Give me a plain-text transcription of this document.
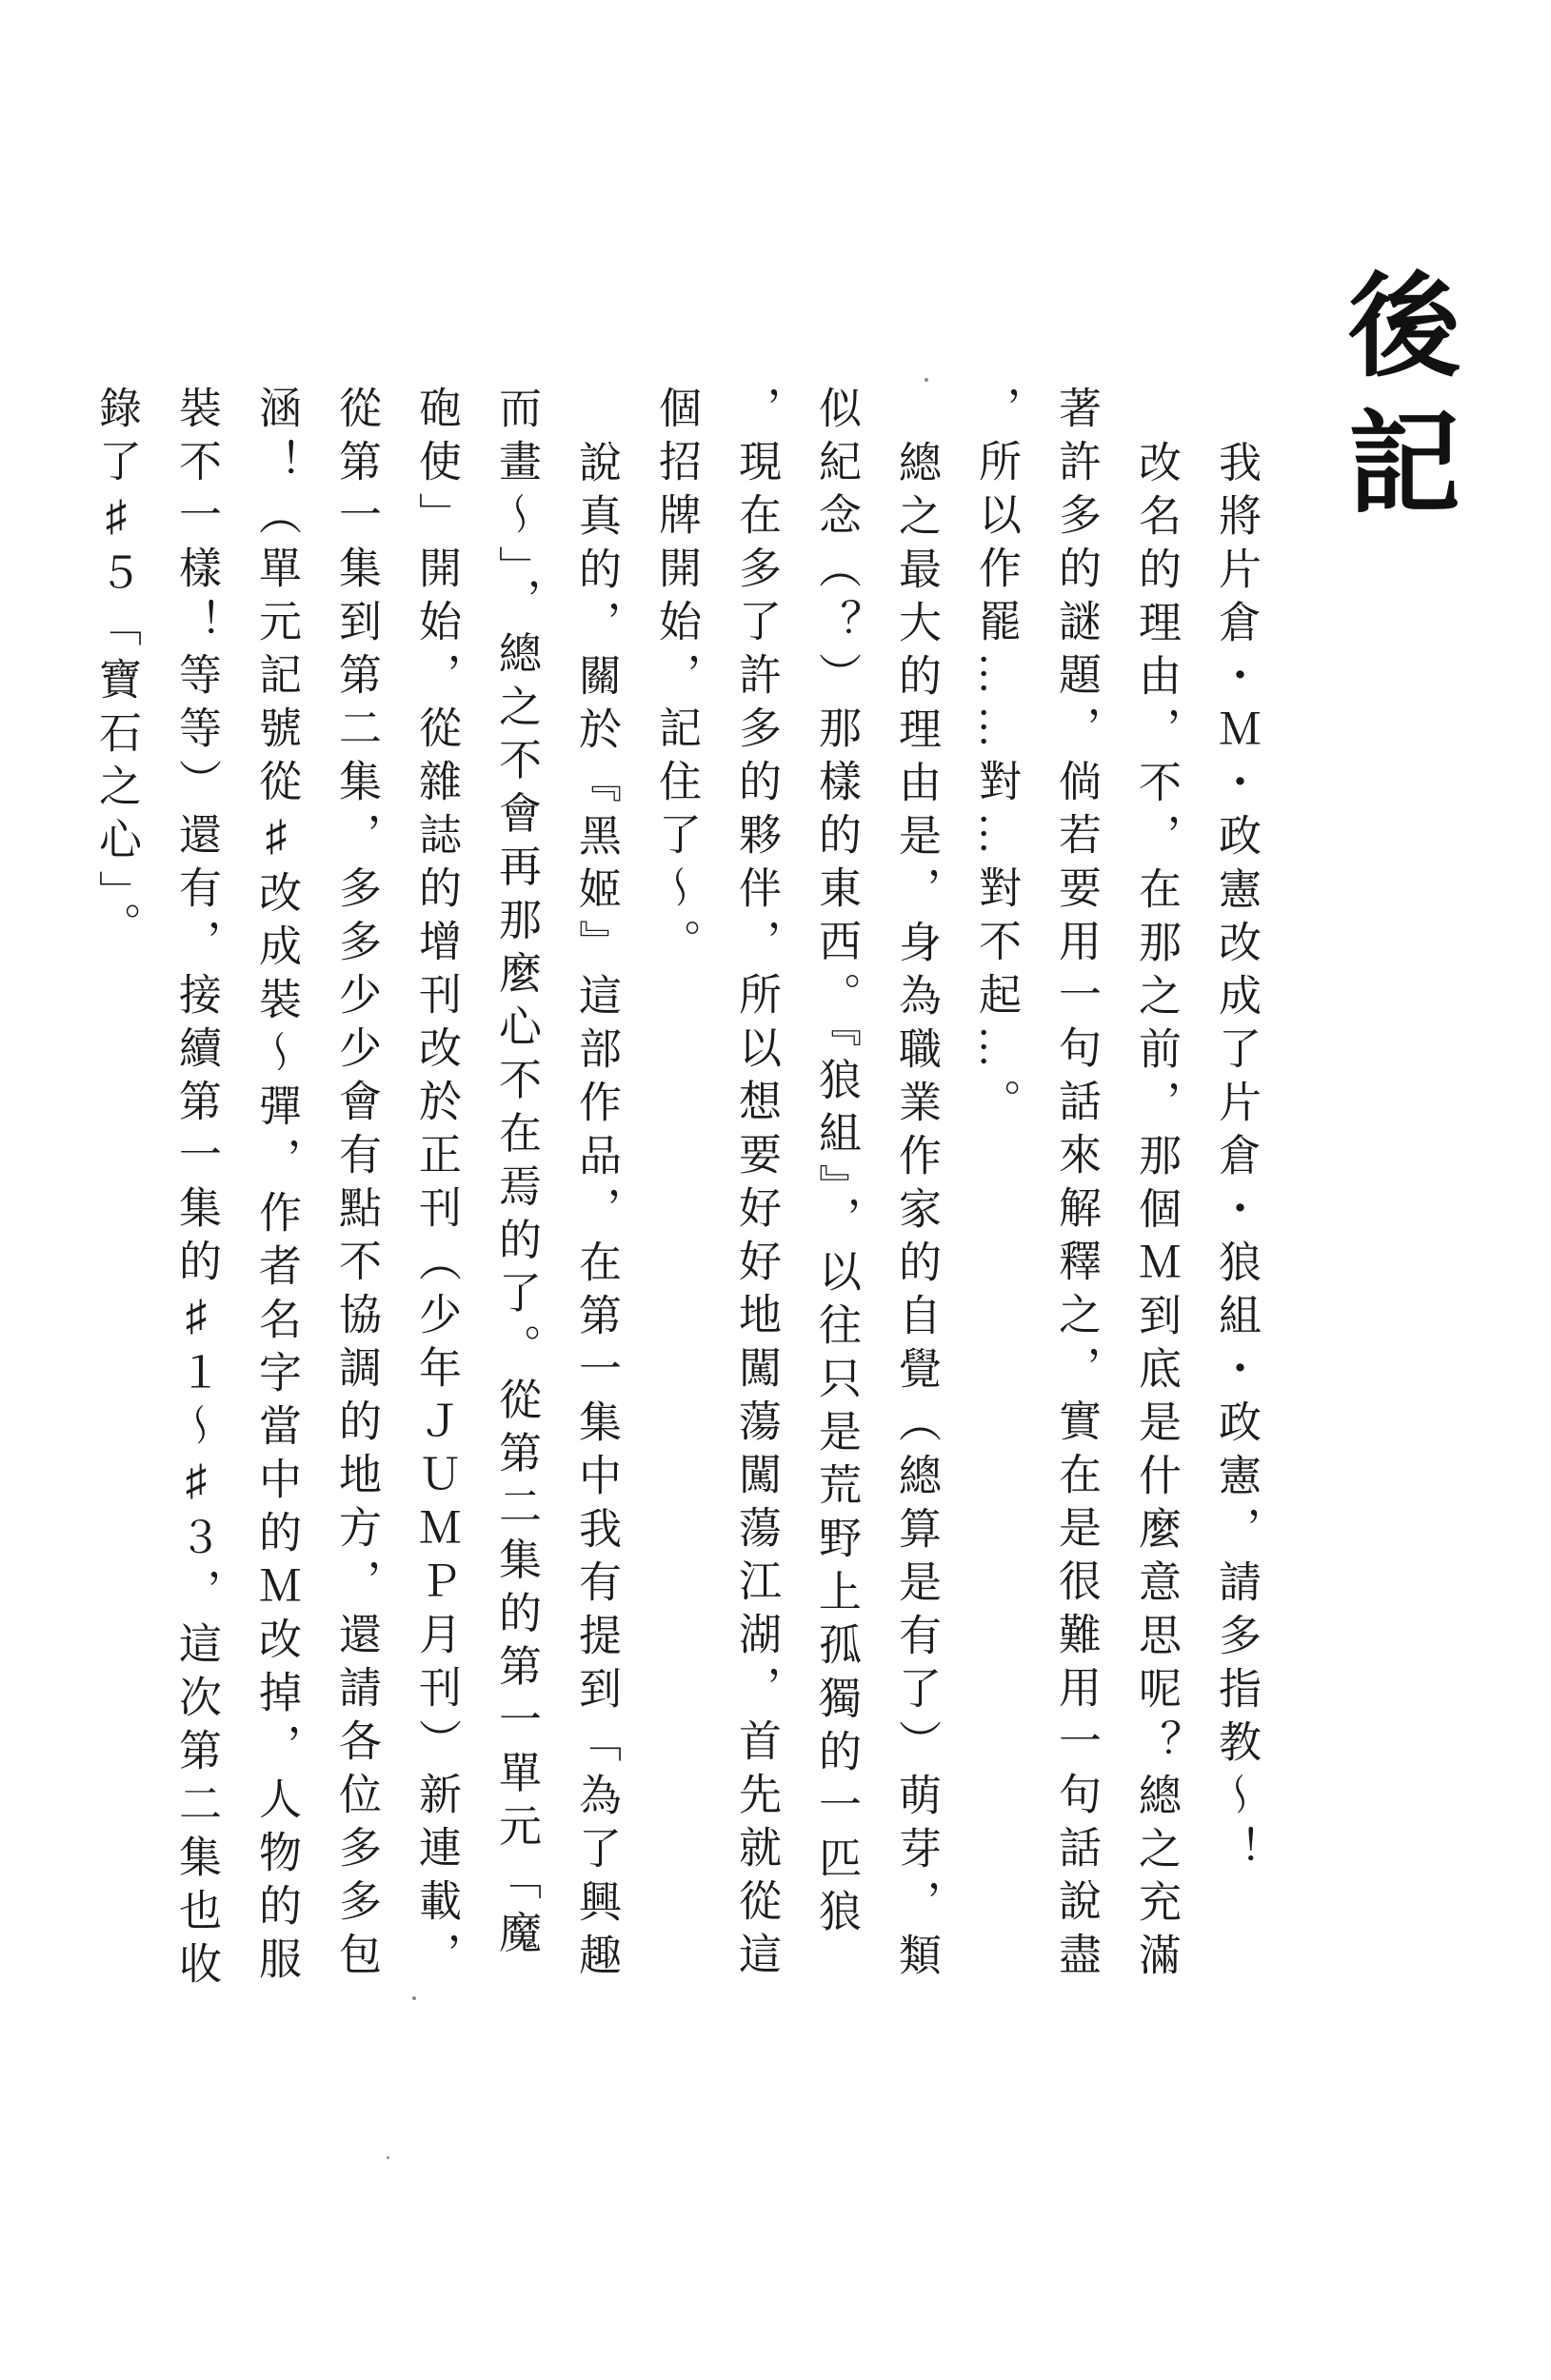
後記
我將片倉・Ｍ・政憲改成了片倉・狼組・政憲，請多指教～！
改名的理由，不，在那之前，那個Ｍ到底是什麼意思呢？總之充滿
著許多的謎題，倘若要用一句話來解釋之，實在是很難用一句話說盡
，所以作罷……對…對不起…。
總之最大的理由是，身為職業作家的自覺（總算是有了）萌芽，類
似紀念（？）那樣的東西。『狼組』，以往只是荒野上孤獨的一匹狼
，現在多了許多的夥伴，所以想要好好地闖蕩闖蕩江湖，首先就從這
個招牌開始，記住了～。
說真的，關於『黑姬』這部作品，在第一集中我有提到「為了興趣
而畫～」，總之不會再那麼心不在焉的了。從第二集的第一單元「魔
砲使」開始，從雜誌的增刊改於正刊（少年ＪＵＭＰ月刊）新連載，
從第一集到第二集，多多少少會有點不協調的地方，還請各位多多包
涵！（單元記號從♯改成裝～彈，作者名字當中的Ｍ改掉，人物的服
裝不一樣！等等）還有，接續第一集的♯１～♯３，這次第二集也收
錄了♯５「寶石之心」。
